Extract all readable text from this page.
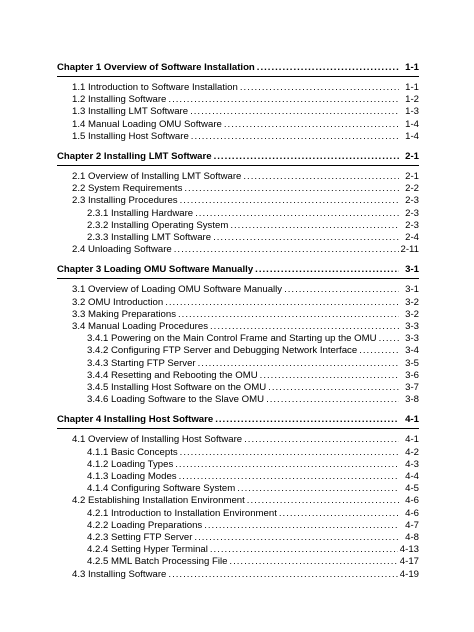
Chapter 1 Overview of Software Installation .....	1-1
1.1 Introduction to Software Installation .....	1-1
1.2 Installing Software .....	1-2
1.3 Installing LMT Software .....	1-3
1.4 Manual Loading OMU Software .....	1-4
1.5 Installing Host Software .....	1-4
Chapter 2 Installing LMT Software .....	2-1
2.1 Overview of Installing LMT Software .....	2-1
2.2 System Requirements .....	2-2
2.3 Installing Procedures .....	2-3
2.3.1 Installing Hardware .....	2-3
2.3.2 Installing Operating System .....	2-3
2.3.3 Installing LMT Software .....	2-4
2.4 Unloading Software .....	2-11
Chapter 3 Loading OMU Software Manually .....	3-1
3.1 Overview of Loading OMU Software Manually .....	3-1
3.2 OMU Introduction .....	3-2
3.3 Making Preparations .....	3-2
3.4 Manual Loading Procedures .....	3-3
3.4.1 Powering on the Main Control Frame and Starting up the OMU .....	3-3
3.4.2 Configuring FTP Server and Debugging Network Interface .....	3-4
3.4.3 Starting FTP Server .....	3-5
3.4.4 Resetting and Rebooting the OMU .....	3-6
3.4.5 Installing Host Software on the OMU .....	3-7
3.4.6 Loading Software to the Slave OMU .....	3-8
Chapter 4 Installing Host Software .....	4-1
4.1 Overview of Installing Host Software .....	4-1
4.1.1 Basic Concepts .....	4-2
4.1.2 Loading Types .....	4-3
4.1.3 Loading Modes .....	4-4
4.1.4 Configuring Software System .....	4-5
4.2 Establishing Installation Environment .....	4-6
4.2.1 Introduction to Installation Environment .....	4-6
4.2.2 Loading Preparations .....	4-7
4.2.3 Setting FTP Server .....	4-8
4.2.4 Setting Hyper Terminal .....	4-13
4.2.5 MML Batch Processing File .....	4-17
4.3 Installing Software .....	4-19
